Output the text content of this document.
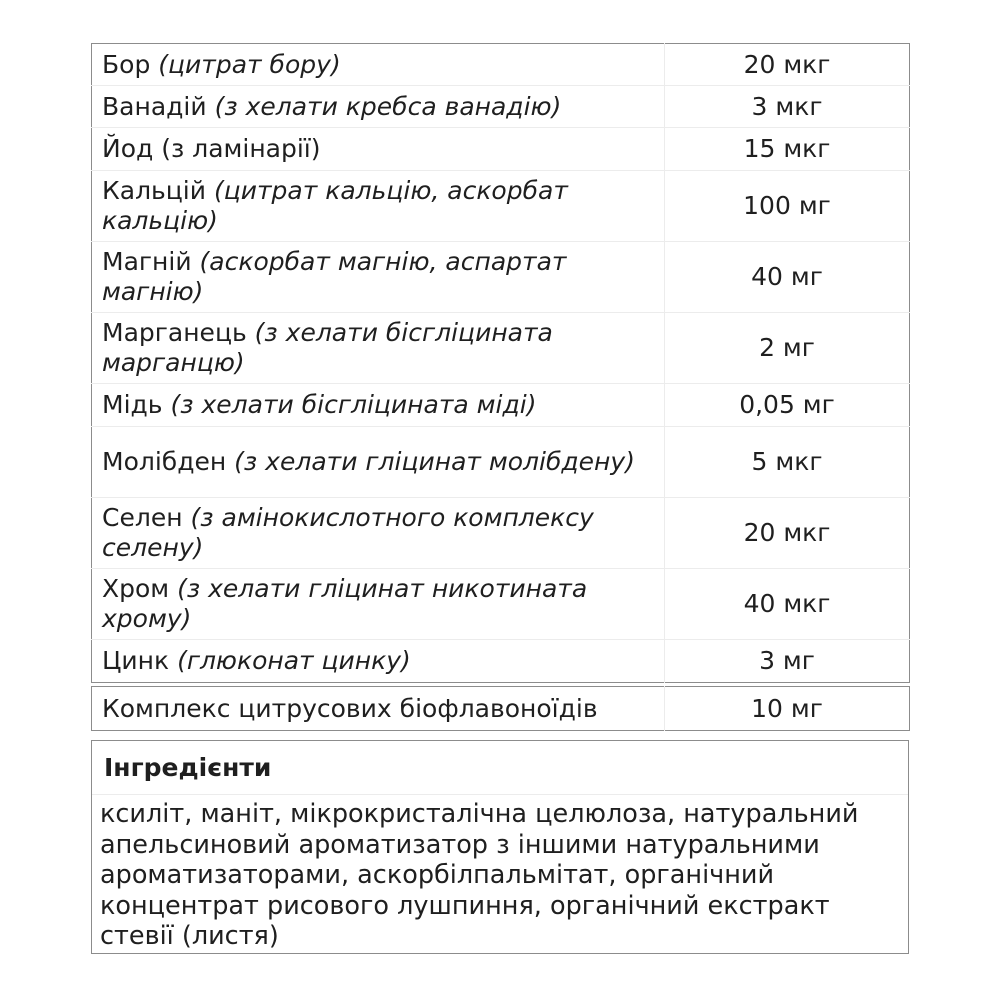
Бор (цитрат бору)	20 мкг
Ванадій (з хелати кребса ванадію)	3 мкг
Йод (з ламінарії)	15 мкг
Кальцій (цитрат кальцію, аскорбат кальцію)	100 мг
Магній (аскорбат магнію, аспартат магнію)	40 мг
Марганець (з хелати бісгліцината марганцю)	2 мг
Мідь (з хелати бісгліцината міді)	0,05 мг
Молібден (з хелати гліцинат молібдену)	5 мкг
Селен (з амінокислотного комплексу селену)	20 мкг
Хром (з хелати гліцинат никотината хрому)	40 мкг
Цинк (глюконат цинку)	3 мг
Комплекс цитрусових біофлавоноїдів	10 мг
Інгредієнти
ксиліт, маніт, мікрокристалічна целюлоза, натуральний апельсиновий ароматизатор з іншими натуральними ароматизаторами, аскорбілпальмітат, органічний концентрат рисового лушпиння, органічний екстракт стевії (листя)
